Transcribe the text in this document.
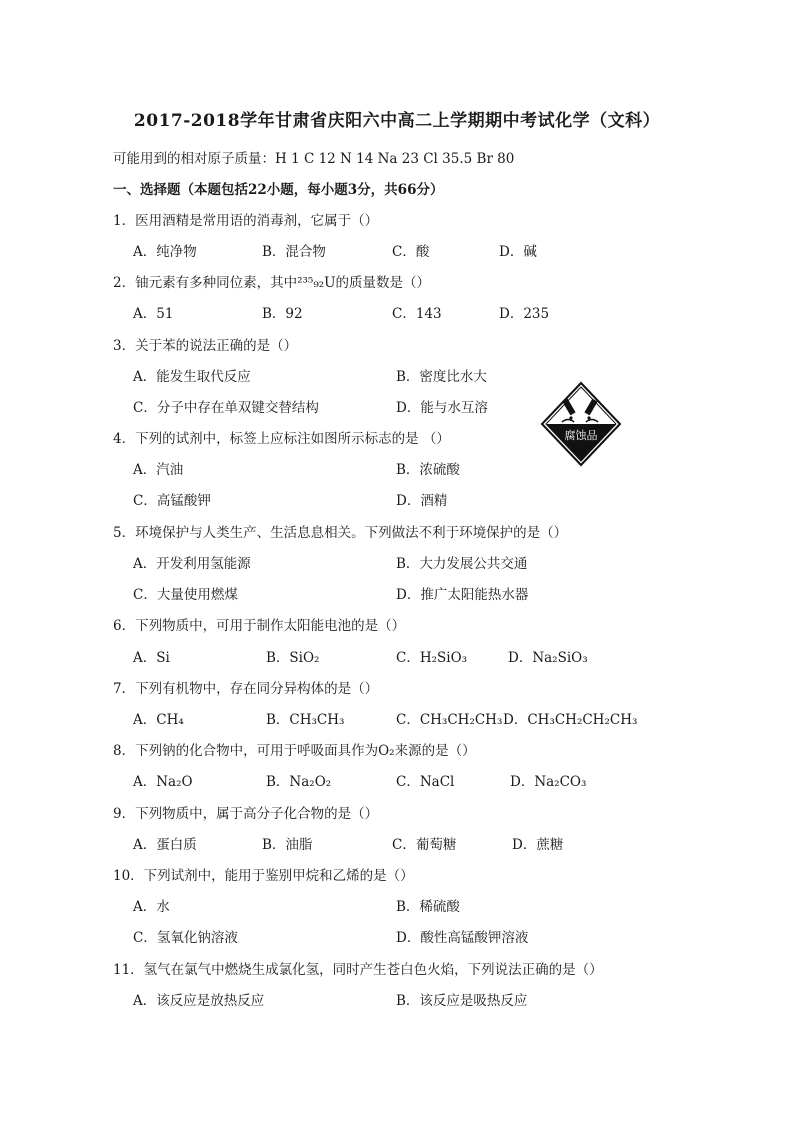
2017-2018学年甘肃省庆阳六中高二上学期期中考试化学（文科）
可能用到的相对原子质量：H 1 C 12 N 14 Na 23 Cl 35.5 Br 80
一、选择题（本题包括22小题，每小题3分，共66分）
1．医用酒精是常用语的消毒剂，它属于（）
A．纯净物	B．混合物	C．酸	D．碱
2．铀元素有多种同位素，其中²³⁵₉₂U的质量数是（）
A．51	B．92	C．143	D．235
3．关于苯的说法正确的是（）
A．能发生取代反应	B．密度比水大
C．分子中存在单双键交替结构	D．能与水互溶
腐蚀品
4．下列的试剂中，标签上应标注如图所示标志的是 （）
A．汽油	B．浓硫酸
C．高锰酸钾	D．酒精
5．环境保护与人类生产、生活息息相关。下列做法不利于环境保护的是（）
A．开发利用氢能源	B．大力发展公共交通
C．大量使用燃煤	D．推广太阳能热水器
6．下列物质中，可用于制作太阳能电池的是（）
A．Si	B．SiO₂	C．H₂SiO₃	D．Na₂SiO₃
7．下列有机物中，存在同分异构体的是（）
A．CH₄	B．CH₃CH₃	C．CH₃CH₂CH₃ D．CH₃CH₂CH₂CH₃
8．下列钠的化合物中，可用于呼吸面具作为O₂来源的是（）
A．Na₂O	B．Na₂O₂	C．NaCl	D．Na₂CO₃
9．下列物质中，属于高分子化合物的是（）
A．蛋白质	B．油脂	C．葡萄糖	D．蔗糖
10．下列试剂中，能用于鉴别甲烷和乙烯的是（）
A．水	B．稀硫酸
C．氢氧化钠溶液	D．酸性高锰酸钾溶液
11．氢气在氯气中燃烧生成氯化氢，同时产生苍白色火焰，下列说法正确的是（）
A．该反应是放热反应	B．该反应是吸热反应
